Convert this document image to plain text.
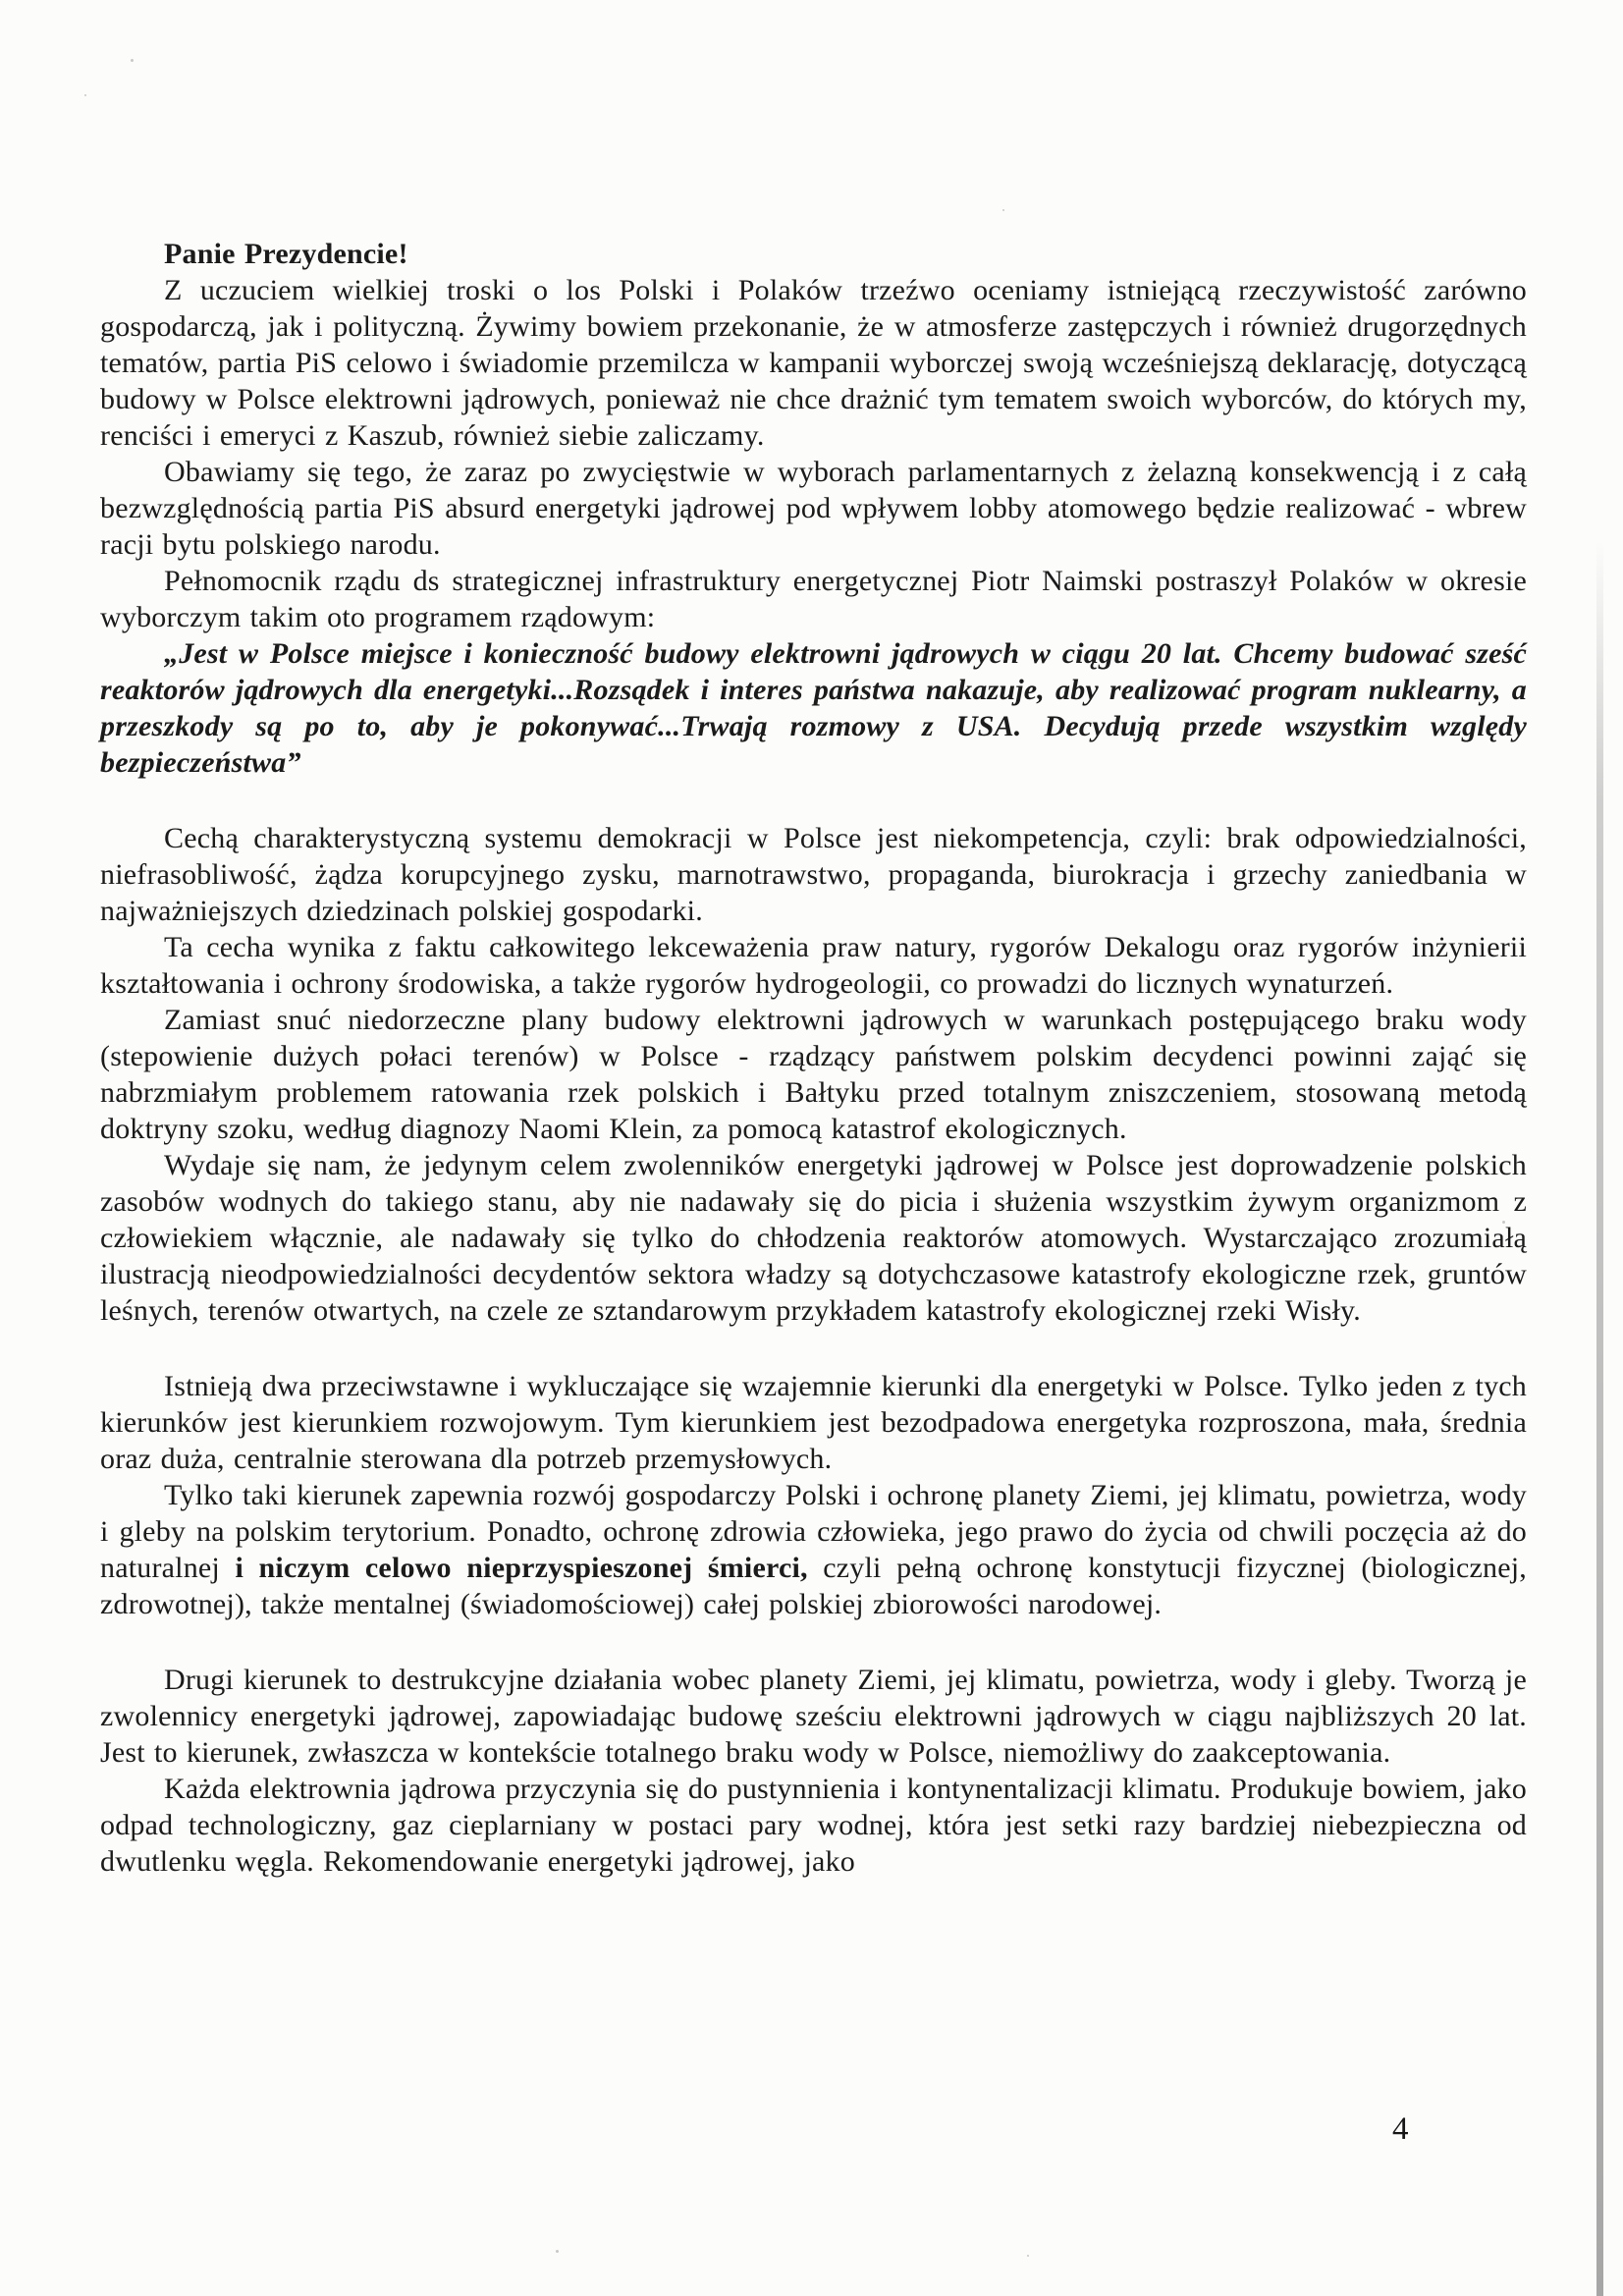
Panie Prezydencie!

Z uczuciem wielkiej troski o los Polski i Polaków trzeźwo oceniamy istniejącą rzeczywistość zarówno gospodarczą, jak i polityczną. Żywimy bowiem przekonanie, że w atmosferze zastępczych i również drugorzędnych tematów, partia PiS celowo i świadomie przemilcza w kampanii wyborczej swoją wcześniejszą deklarację, dotyczącą budowy w Polsce elektrowni jądrowych, ponieważ nie chce drażnić tym tematem swoich wyborców, do których my, renciści i emeryci z Kaszub, również siebie zaliczamy.

Obawiamy się tego, że zaraz po zwycięstwie w wyborach parlamentarnych z żelazną konsekwencją i z całą bezwzględnością partia PiS absurd energetyki jądrowej pod wpływem lobby atomowego będzie realizować - wbrew racji bytu polskiego narodu.

Pełnomocnik rządu ds strategicznej infrastruktury energetycznej Piotr Naimski postraszył Polaków w okresie wyborczym takim oto programem rządowym:

„Jest w Polsce miejsce i konieczność budowy elektrowni jądrowych w ciągu 20 lat. Chcemy budować sześć reaktorów jądrowych dla energetyki...Rozsądek i interes państwa nakazuje, aby realizować program nuklearny, a przeszkody są po to, aby je pokonywać...Trwają rozmowy z USA. Decydują przede wszystkim względy bezpieczeństwa”

Cechą charakterystyczną systemu demokracji w Polsce jest niekompetencja, czyli: brak odpowiedzialności, niefrasobliwość, żądza korupcyjnego zysku, marnotrawstwo, propaganda, biurokracja i grzechy zaniedbania w najważniejszych dziedzinach polskiej gospodarki.

Ta cecha wynika z faktu całkowitego lekceważenia praw natury, rygorów Dekalogu oraz rygorów inżynierii kształtowania i ochrony środowiska, a także rygorów hydrogeologii, co prowadzi do licznych wynaturzeń.

Zamiast snuć niedorzeczne plany budowy elektrowni jądrowych w warunkach postępującego braku wody (stepowienie dużych połaci terenów) w Polsce - rządzący państwem polskim decydenci powinni zająć się nabrzmiałym problemem ratowania rzek polskich i Bałtyku przed totalnym zniszczeniem, stosowaną metodą doktryny szoku, według diagnozy Naomi Klein, za pomocą katastrof ekologicznych.

Wydaje się nam, że jedynym celem zwolenników energetyki jądrowej w Polsce jest doprowadzenie polskich zasobów wodnych do takiego stanu, aby nie nadawały się do picia i służenia wszystkim żywym organizmom z człowiekiem włącznie, ale nadawały się tylko do chłodzenia reaktorów atomowych. Wystarczająco zrozumiałą ilustracją nieodpowiedzialności decydentów sektora władzy są dotychczasowe katastrofy ekologiczne rzek, gruntów leśnych, terenów otwartych, na czele ze sztandarowym przykładem katastrofy ekologicznej rzeki Wisły.

Istnieją dwa przeciwstawne i wykluczające się wzajemnie kierunki dla energetyki w Polsce. Tylko jeden z tych kierunków jest kierunkiem rozwojowym. Tym kierunkiem jest bezodpadowa energetyka rozproszona, mała, średnia oraz duża, centralnie sterowana dla potrzeb przemysłowych.

Tylko taki kierunek zapewnia rozwój gospodarczy Polski i ochronę planety Ziemi, jej klimatu, powietrza, wody i gleby na polskim terytorium. Ponadto, ochronę zdrowia człowieka, jego prawo do życia od chwili poczęcia aż do naturalnej i niczym celowo nieprzyspieszonej śmierci, czyli pełną ochronę konstytucji fizycznej (biologicznej, zdrowotnej), także mentalnej (świadomościowej) całej polskiej zbiorowości narodowej.

Drugi kierunek to destrukcyjne działania wobec planety Ziemi, jej klimatu, powietrza, wody i gleby. Tworzą je zwolennicy energetyki jądrowej, zapowiadając budowę sześciu elektrowni jądrowych w ciągu najbliższych 20 lat. Jest to kierunek, zwłaszcza w kontekście totalnego braku wody w Polsce, niemożliwy do zaakceptowania.

Każda elektrownia jądrowa przyczynia się do pustynnienia i kontynentalizacji klimatu. Produkuje bowiem, jako odpad technologiczny, gaz cieplarniany w postaci pary wodnej, która jest setki razy bardziej niebezpieczna od dwutlenku węgla. Rekomendowanie energetyki jądrowej, jako

4
